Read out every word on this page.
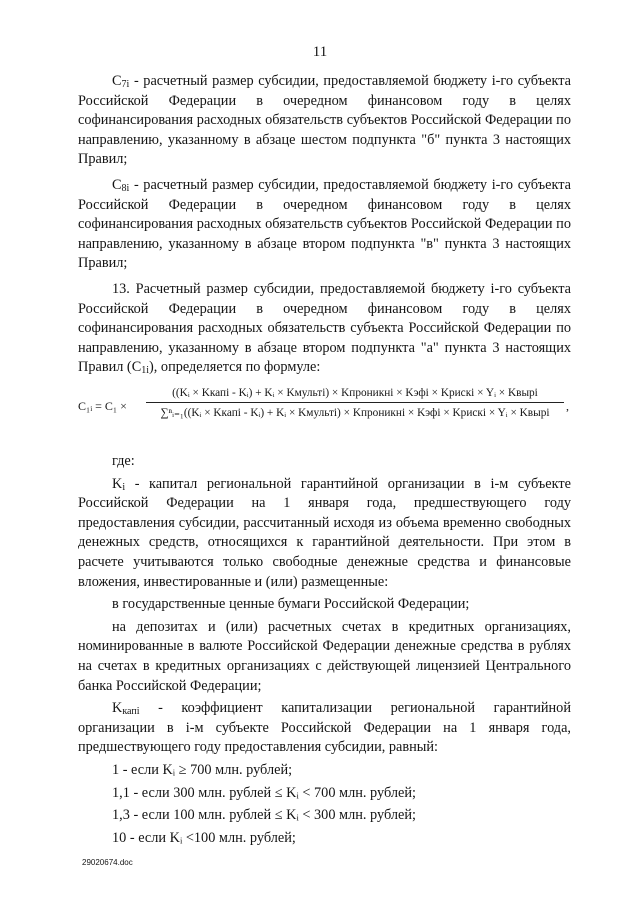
11

$C_{7i}$ - расчетный размер субсидии, предоставляемой бюджету i-го субъекта Российской Федерации в очередном финансовом году в целях софинансирования расходных обязательств субъектов Российской Федерации по направлению, указанному в абзаце шестом подпункта "б" пункта 3 настоящих Правил;

$C_{8i}$ - расчетный размер субсидии, предоставляемой бюджету i-го субъекта Российской Федерации в очередном финансовом году в целях софинансирования расходных обязательств субъектов Российской Федерации по направлению, указанному в абзаце втором подпункта "в" пункта 3 настоящих Правил;

13. Расчетный размер субсидии, предоставляемой бюджету i-го субъекта Российской Федерации в очередном финансовом году в целях софинансирования расходных обязательств субъекта Российской Федерации по направлению, указанному в абзаце втором подпункта "а" пункта 3 настоящих Правил $(С_{1i})$, определяется по формуле:

С₁ᵢ = С₁ ×
((Kᵢ × Kкапi - Kᵢ) + Kᵢ × Kмультi) × Kпроникнi × Kэфi × Kрискi × Yᵢ × Kвырi
∑ⁿᵢ₌₁((Kᵢ × Kкапi - Kᵢ) + Kᵢ × Kмультi) × Kпроникнi × Kэфi × Kрискi × Yᵢ × Kвырi	,

где:

$K_i$ - капитал региональной гарантийной организации в i-м субъекте Российской Федерации на 1 января года, предшествующего году предоставления субсидии, рассчитанный исходя из объема временно свободных денежных средств, относящихся к гарантийной деятельности. При этом в расчете учитываются только свободные денежные средства и финансовые вложения, инвестированные и (или) размещенные:

в государственные ценные бумаги Российской Федерации;

на депозитах и (или) расчетных счетах в кредитных организациях, номинированные в валюте Российской Федерации денежные средства в рублях на счетах в кредитных организациях с действующей лицензией Центрального банка Российской Федерации;

$K_{капi}$ - коэффициент капитализации региональной гарантийной организации в i-м субъекте Российской Федерации на 1 января года, предшествующего году предоставления субсидии, равный:

1 - если Kᵢ ≥ 700 млн. рублей;

1,1 - если 300 млн. рублей ≤ Kᵢ < 700 млн. рублей;

1,3 - если 100 млн. рублей ≤ Kᵢ < 300 млн. рублей;

10 - если Kᵢ <100 млн. рублей;

29020674.doc
